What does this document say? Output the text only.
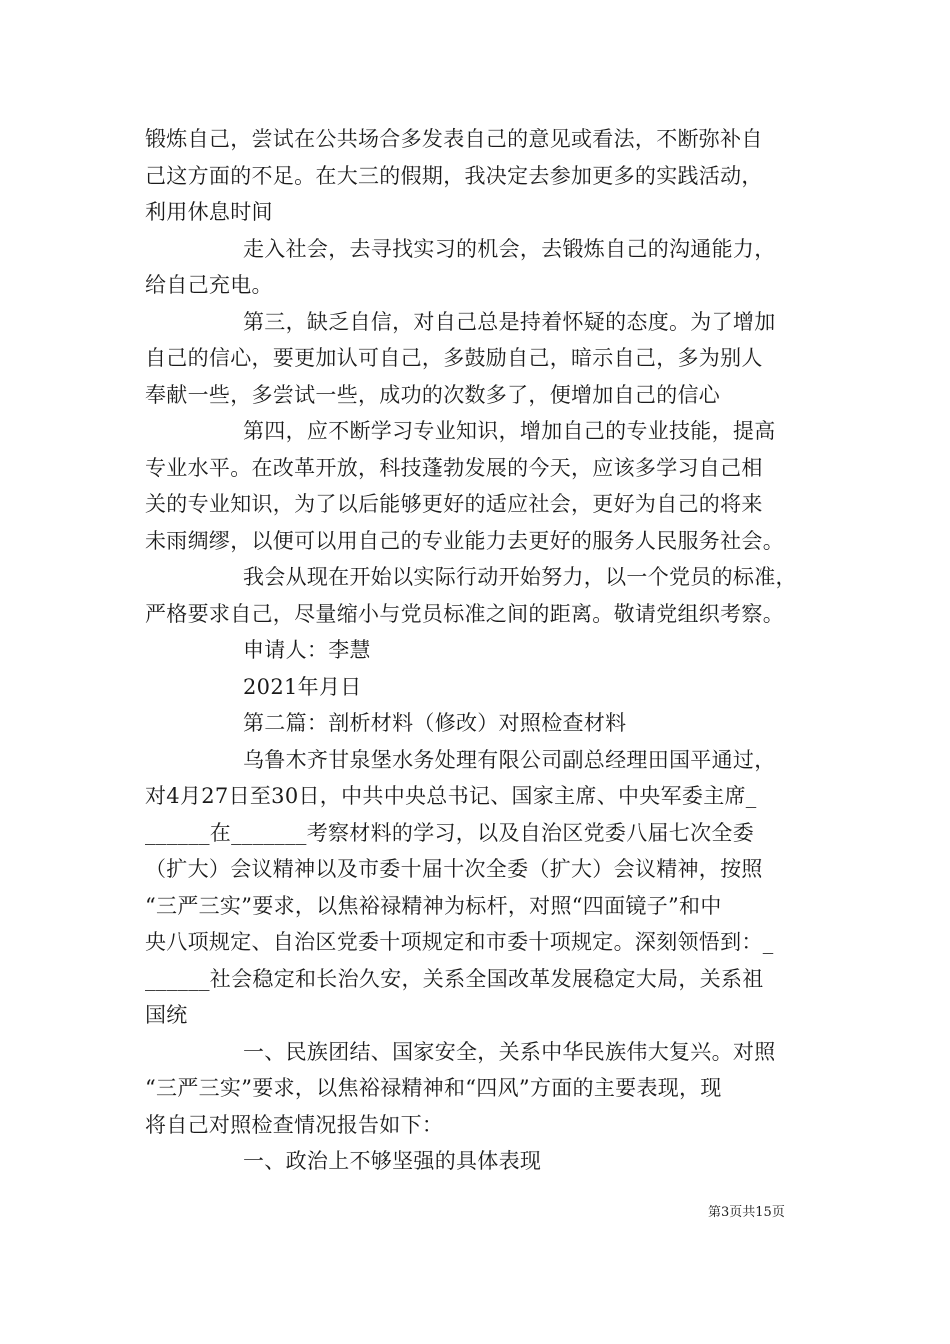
锻炼自己，尝试在公共场合多发表自己的意见或看法，不断弥补自
己这方面的不足。在大三的假期，我决定去参加更多的实践活动，
利用休息时间
走入社会，去寻找实习的机会，去锻炼自己的沟通能力，
给自己充电。
第三，缺乏自信，对自己总是持着怀疑的态度。为了增加
自己的信心，要更加认可自己，多鼓励自己，暗示自己，多为别人
奉献一些，多尝试一些，成功的次数多了，便增加自己的信心
第四，应不断学习专业知识，增加自己的专业技能，提高
专业水平。在改革开放，科技蓬勃发展的今天，应该多学习自己相
关的专业知识，为了以后能够更好的适应社会，更好为自己的将来
未雨绸缪，以便可以用自己的专业能力去更好的服务人民服务社会。
我会从现在开始以实际行动开始努力，以一个党员的标准，
严格要求自己，尽量缩小与党员标准之间的距离。敬请党组织考察。
申请人：李慧
2021年月日
第二篇：剖析材料（修改）对照检查材料
乌鲁木齐甘泉堡水务处理有限公司副总经理田国平通过，
对4月27日至30日，中共中央总书记、国家主席、中央军委主席_
______在_______考察材料的学习，以及自治区党委八届七次全委
（扩大）会议精神以及市委十届十次全委（扩大）会议精神，按照
“三严三实”要求，以焦裕禄精神为标杆，对照“四面镜子”和中
央八项规定、自治区党委十项规定和市委十项规定。深刻领悟到：_
______社会稳定和长治久安，关系全国改革发展稳定大局，关系祖
国统
一、民族团结、国家安全，关系中华民族伟大复兴。对照
“三严三实”要求，以焦裕禄精神和“四风”方面的主要表现，现
将自己对照检查情况报告如下：
一、政治上不够坚强的具体表现
第3页共15页
